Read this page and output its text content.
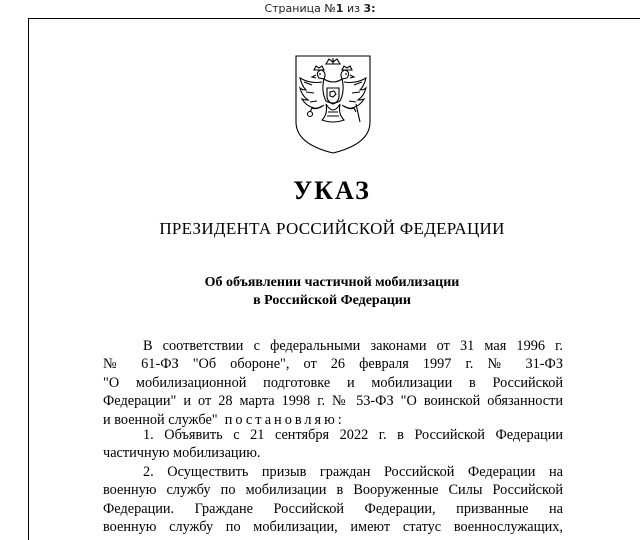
Страница №1 из 3:
УКАЗ
ПРЕЗИДЕНТА РОССИЙСКОЙ ФЕДЕРАЦИИ
Об объявлении частичной мобилизации
в Российской Федерации
В соответствии с федеральными законами от 31 мая 1996 г.
№ 61-ФЗ "Об обороне", от 26 февраля 1997 г. № 31-ФЗ
"О мобилизационной подготовке и мобилизации в Российской
Федерации" и от 28 марта 1998 г. № 53-ФЗ "О воинской обязанности
и военной службе" постановляю:
1. Объявить с 21 сентября 2022 г. в Российской Федерации
частичную мобилизацию.
2. Осуществить призыв граждан Российской Федерации на
военную службу по мобилизации в Вооруженные Силы Российской
Федерации. Граждане Российской Федерации, призванные на
военную службу по мобилизации, имеют статус военнослужащих,
